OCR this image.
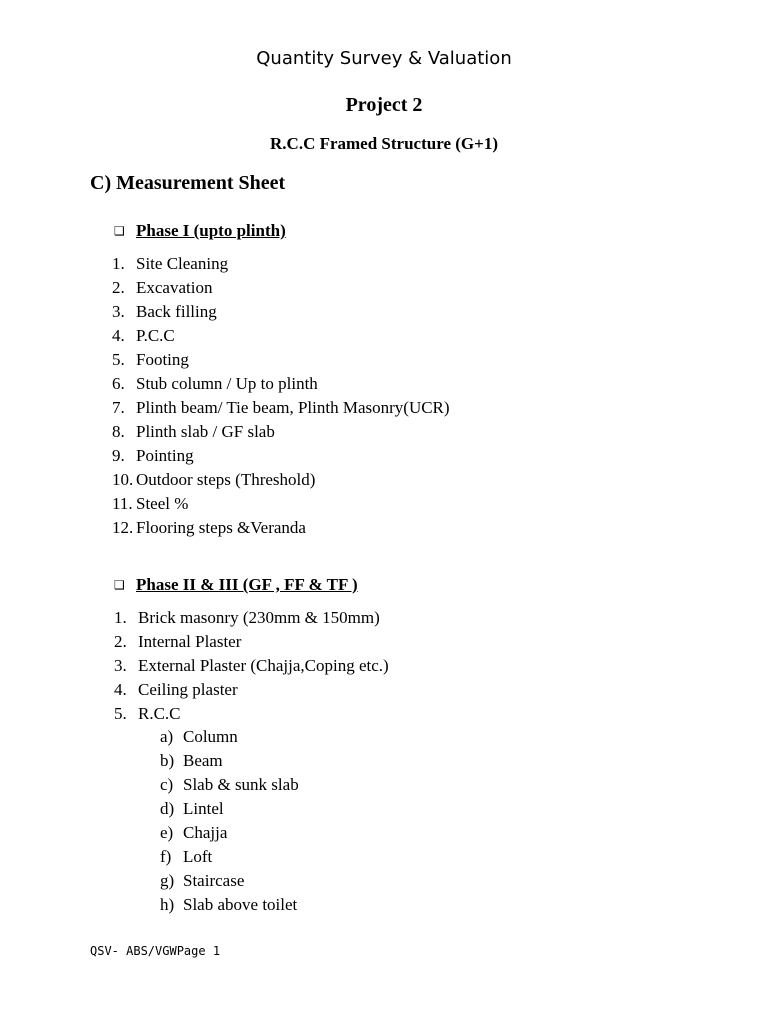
Quantity Survey & Valuation
Project 2
R.C.C Framed Structure (G+1)
C) Measurement Sheet
❑ Phase I (upto plinth)
1. Site Cleaning
2. Excavation
3. Back filling
4. P.C.C
5. Footing
6. Stub column / Up to plinth
7. Plinth beam/ Tie beam, Plinth Masonry(UCR)
8. Plinth slab / GF slab
9. Pointing
10. Outdoor steps (Threshold)
11. Steel %
12. Flooring steps &Veranda
❑ Phase II & III (GF , FF & TF )
1. Brick masonry (230mm & 150mm)
2. Internal Plaster
3. External Plaster (Chajja,Coping etc.)
4. Ceiling plaster
5. R.C.C
a) Column
b) Beam
c) Slab & sunk slab
d) Lintel
e) Chajja
f) Loft
g) Staircase
h) Slab above toilet
QSV- ABS/VGWPage 1
